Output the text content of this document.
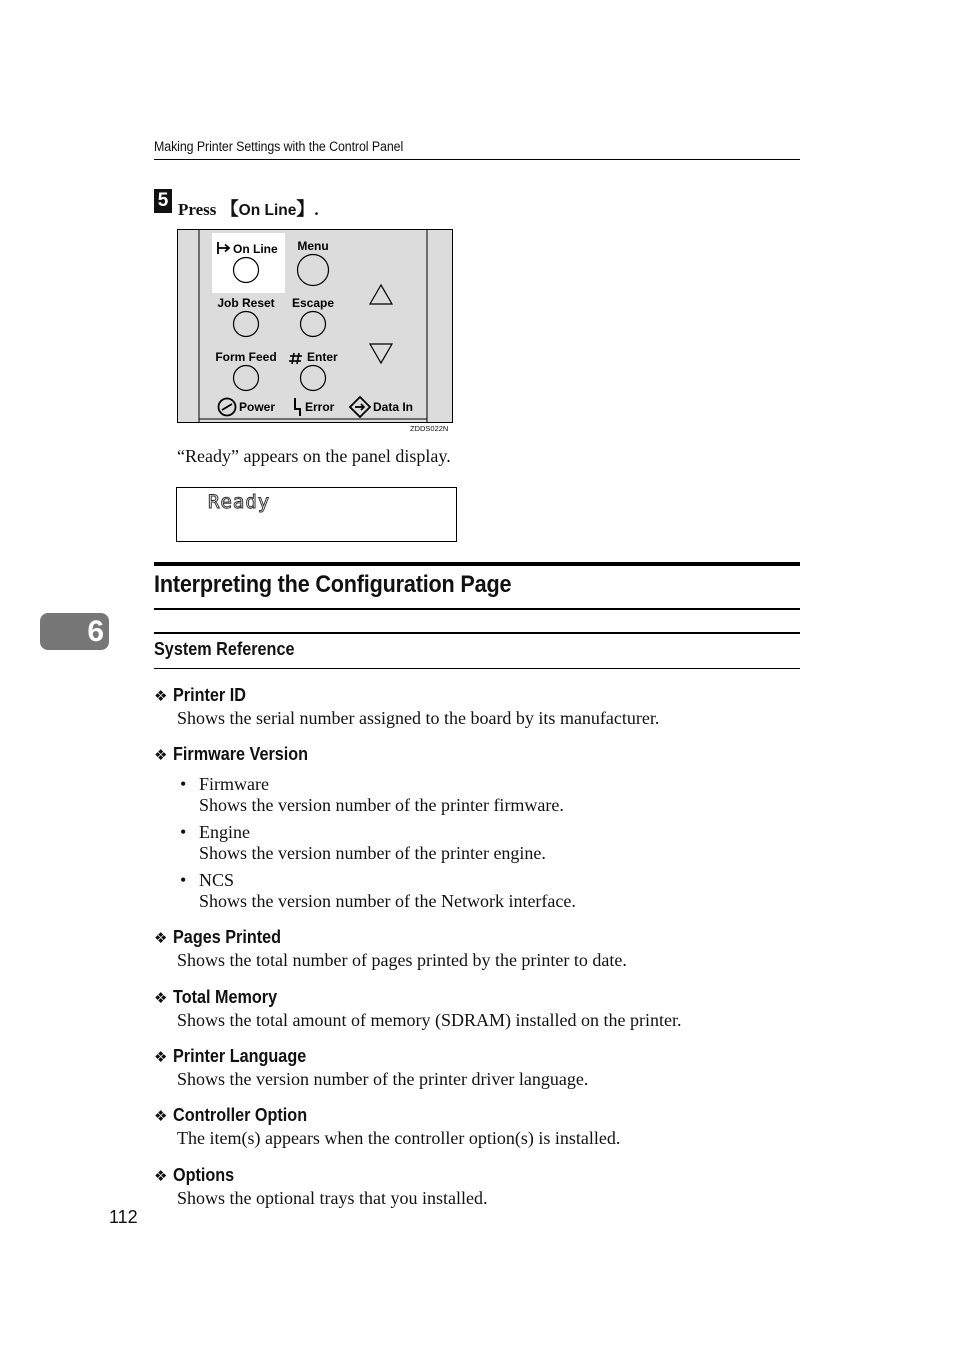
Making Printer Settings with the Control Panel
5 Press 【On Line】.
On Line Menu
Job Reset Escape
Form Feed	Enter
Power Error	Data In
ZDDS022N
“Ready” appears on the panel display.
Ready
Interpreting the Configuration Page
System Reference
6
❖ Printer ID
Shows the serial number assigned to the board by its manufacturer.
❖ Firmware Version
• Firmware
Shows the version number of the printer firmware.
• Engine
Shows the version number of the printer engine.
• NCS
Shows the version number of the Network interface.
❖ Pages Printed
Shows the total number of pages printed by the printer to date.
❖ Total Memory
Shows the total amount of memory (SDRAM) installed on the printer.
❖ Printer Language
Shows the version number of the printer driver language.
❖ Controller Option
The item(s) appears when the controller option(s) is installed.
❖ Options
Shows the optional trays that you installed.
112
